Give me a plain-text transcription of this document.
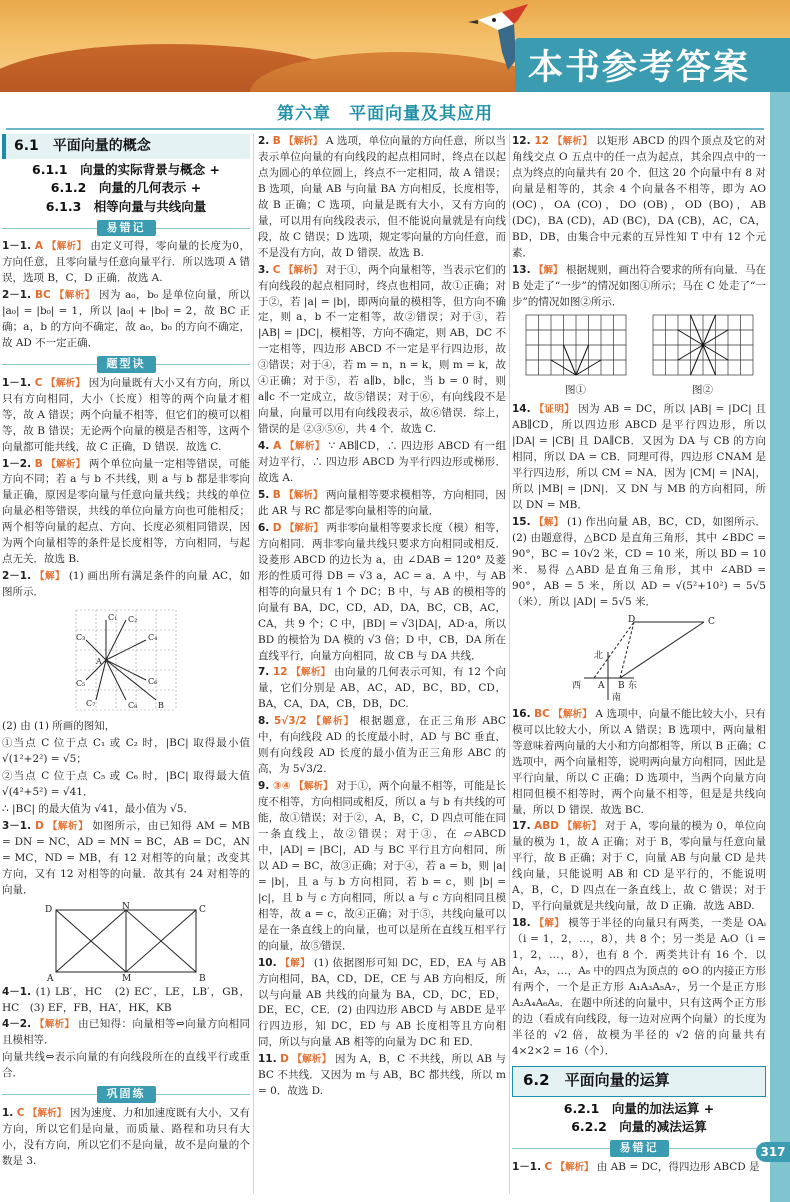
本书参考答案
第六章　平面向量及其应用
6.1　平面向量的概念
6.1.1　向量的实际背景与概念 +
6.1.2　向量的几何表示 +
6.1.3　相等向量与共线向量
易错记
1－1. A 【解析】 由定义可得，零向量的长度为0，方向任意，且零向量与任意向量平行．所以选项 A 错误，选项 B，C，D 正确．故选 A.
2－1. BC 【解析】 因为 a₀，b₀ 是单位向量，所以 |a₀| = |b₀| = 1，所以 |a₀| + |b₀| = 2，故 BC 正确；a，b 的方向不确定，故 a₀，b₀ 的方向不确定，故 AD 不一定正确．
题型诀
1－1. C 【解析】 因为向量既有大小又有方向，所以只有方向相同，大小（长度）相等的两个向量才相等，故 A 错误；两个向量不相等，但它们的模可以相等，故 B 错误；无论两个向量的模是否相等，这两个向量都可能共线，故 C 正确，D 错误．故选 C.
1－2. B 【解析】 两个单位向量一定相等错误，可能方向不同；若 a 与 b 不共线，则 a 与 b 都是非零向量正确，原因是零向量与任意向量共线；共线的单位向量必相等错误，共线的单位向量方向也可能相反；两个相等向量的起点、方向、长度必须相同错误，因为两个向量相等的条件是长度相等，方向相同，与起点无关．故选 B.
2－1. 【解】 (1) 画出所有满足条件的向量 AC，如图所示．
C₁ C₂
C₃	C₄
C₅	C₆
C₇	C₈
A
B
(2) 由 (1) 所画的图知，
①当点 C 位于点 C₁ 或 C₂ 时，|BC| 取得最小值 √(1²+2²) = √5；
②当点 C 位于点 C₅ 或 C₆ 时，|BC| 取得最大值 √(4²+5²) = √41．
∴ |BC| 的最大值为 √41，最小值为 √5．
3－1. D 【解析】 如图所示，由已知得 AM = MB = DN = NC，AD = MN = BC，AB = DC，AN = MC，ND = MB，有 12 对相等的向量；改变其方向，又有 12 对相等的向量．故其有 24 对相等的向量．
D	N	C
A	M	B
4－1. (1) LB′，HC　(2) EC′，LE，LB′，GB，HC　(3) EF，FB，HA′，HK，KB
4－2. 【解析】 由已知得：向量相等⇔向量方向相同且模相等．
向量共线⇔表示向量的有向线段所在的直线平行或重合．
巩固练
1. C 【解析】 因为速度、力和加速度既有大小，又有方向，所以它们是向量，而质量、路程和功只有大小，没有方向，所以它们不是向量，故不是向量的个数是 3.
2. B 【解析】 A 选项，单位向量的方向任意，所以当表示单位向量的有向线段的起点相同时，终点在以起点为圆心的单位圆上，终点不一定相同，故 A 错误；B 选项，向量 AB 与向量 BA 方向相反，长度相等，故 B 正确；C 选项，向量是既有大小，又有方向的量，可以用有向线段表示，但不能说向量就是有向线段，故 C 错误；D 选项，规定零向量的方向任意，而不是没有方向，故 D 错误．故选 B.
3. C 【解析】 对于①，两个向量相等，当表示它们的有向线段的起点相同时，终点也相同，故①正确；对于②，若 |a| = |b|，即两向量的模相等，但方向不确定，则 a，b 不一定相等，故②错误；对于③，若 |AB| = |DC|，模相等，方向不确定，则 AB，DC 不一定相等，四边形 ABCD 不一定是平行四边形，故③错误；对于④，若 m = n，n = k，则 m = k，故④正确；对于⑤，若 a∥b，b∥c，当 b = 0 时，则 a∥c 不一定成立，故⑤错误；对于⑥，有向线段不是向量，向量可以用有向线段表示，故⑥错误．综上，错误的是 ②③⑤⑥，共 4 个．故选 C.
4. A 【解析】 ∵ AB∥CD，∴ 四边形 ABCD 有一组对边平行，∴ 四边形 ABCD 为平行四边形或梯形．故选 A.
5. B 【解析】 两向量相等要求模相等，方向相同，因此 AR 与 RC 都是零向量相等的向量．
6. D 【解析】 两非零向量相等要求长度（模）相等，方向相同．两非零向量共线只要求方向相同或相反．设菱形 ABCD 的边长为 a，由 ∠DAB = 120° 及菱形的性质可得 DB = √3 a，AC = a．A 中，与 AB 相等的向量只有 1 个 DC；B 中，与 AB 的模相等的向量有 BA，DC，CD，AD，DA，BC，CB，AC，CA，共 9 个；C 中，|BD| = √3|DA|，AD·a，所以 BD 的模恰为 DA 模的 √3 倍；D 中，CB，DA 所在直线平行，向量方向相同，故 CB 与 DA 共线．
7. 12 【解析】 由向量的几何表示可知，有 12 个向量，它们分别是 AB，AC，AD，BC，BD，CD，BA，CA，DA，CB，DB，DC.
8. 5√3/2 【解析】 根据题意，在正三角形 ABC 中，有向线段 AD 的长度最小时，AD 与 BC 垂直，则有向线段 AD 长度的最小值为正三角形 ABC 的高，为 5√3/2.
9. ③④ 【解析】 对于①，两个向量不相等，可能是长度不相等，方向相同或相反，所以 a 与 b 有共线的可能，故①错误；对于②，A，B，C，D 四点可能在同一条直线上，故②错误；对于③，在 ▱ABCD 中，|AD| = |BC|，AD 与 BC 平行且方向相同，所以 AD = BC，故③正确；对于④，若 a = b，则 |a| = |b|，且 a 与 b 方向相同，若 b = c，则 |b| = |c|，且 b 与 c 方向相同，所以 a 与 c 方向相同且模相等，故 a = c，故④正确；对于⑤，共线向量可以是在一条直线上的向量，也可以是所在直线互相平行的向量，故⑤错误．
10. 【解】 (1) 依据图形可知 DC，ED，EA 与 AB 方向相同，BA，CD，DE，CE 与 AB 方向相反，所以与向量 AB 共线的向量为 BA，CD，DC，ED，DE，EC，CE．(2) 由四边形 ABCD 与 ABDE 是平行四边形，知 DC，ED 与 AB 长度相等且方向相同，所以与向量 AB 相等的向量为 DC 和 ED．
11. D 【解析】 因为 A，B，C 不共线，所以 AB 与 BC 不共线．又因为 m 与 AB，BC 都共线，所以 m = 0．故选 D.
12. 12 【解析】 以矩形 ABCD 的四个顶点及它的对角线交点 O 五点中的任一点为起点，其余四点中的一点为终点的向量共有 20 个．但这 20 个向量中有 8 对向量是相等的，其余 4 个向量各不相等，即为 AO (OC)，OA (CO)，DO (OB)，OD (BO)，AB (DC)，BA (CD)，AD (BC)，DA (CB)，AC，CA，BD，DB，由集合中元素的互异性知 T 中有 12 个元素．
13. 【解】 根据规则，画出符合要求的所有向量．马在 B 处走了“一步”的情况如图①所示；马在 C 处走了“一步”的情况如图②所示．
图①	图②
14. 【证明】 因为 AB = DC，所以 |AB| = |DC| 且 AB∥CD，所以四边形 ABCD 是平行四边形，所以 |DA| = |CB| 且 DA∥CB．又因为 DA 与 CB 的方向相同，所以 DA = CB．同理可得，四边形 CNAM 是平行四边形，所以 CM = NA．因为 |CM| = |NA|，所以 |MB| = |DN|．又 DN 与 MB 的方向相同，所以 DN = MB．
15. 【解】 (1) 作出向量 AB，BC，CD，如图所示．(2) 由题意得，△BCD 是直角三角形，其中 ∠BDC = 90°，BC = 10√2 米，CD = 10 米，所以 BD = 10 米．易得 △ABD 是直角三角形，其中 ∠ABD = 90°，AB = 5 米，所以 AD = √(5²+10²) = 5√5（米）．所以 |AD| = 5√5 米．
D	C
北
A B 东
西
南
16. BC 【解析】 A 选项中，向量不能比较大小，只有模可以比较大小，所以 A 错误；B 选项中，两向量相等意味着两向量的大小和方向都相等，所以 B 正确；C 选项中，两个向量相等，说明两向量方向相同，因此是平行向量，所以 C 正确；D 选项中，当两个向量方向相同但模不相等时，两个向量不相等，但是是共线向量，所以 D 错误．故选 BC.
17. ABD 【解析】 对于 A，零向量的模为 0，单位向量的模为 1，故 A 正确；对于 B，零向量与任意向量平行，故 B 正确；对于 C，向量 AB 与向量 CD 是共线向量，只能说明 AB 和 CD 是平行的，不能说明 A，B，C，D 四点在一条直线上，故 C 错误；对于 D，平行向量就是共线向量，故 D 正确．故选 ABD.
18. 【解】 模等于半径的向量只有两类，一类是 OAᵢ（i = 1，2，…，8），共 8 个；另一类是 AᵢO（i = 1，2，…，8），也有 8 个．两类共计有 16 个．以 A₁，A₂，…，A₈ 中的四点为顶点的 ⊙O 的内接正方形有两个，一个是正方形 A₁A₃A₅A₇，另一个是正方形 A₂A₄A₆A₈．在题中所述的向量中，只有这两个正方形的边（看成有向线段，每一边对应两个向量）的长度为半径的 √2 倍，故模为半径的 √2 倍的向量共有 4×2×2 = 16（个）．
6.2　平面向量的运算
6.2.1　向量的加法运算 +
6.2.2　向量的减法运算
易错记
1－1. C 【解析】 由 AB = DC，得四边形 ABCD 是
317
